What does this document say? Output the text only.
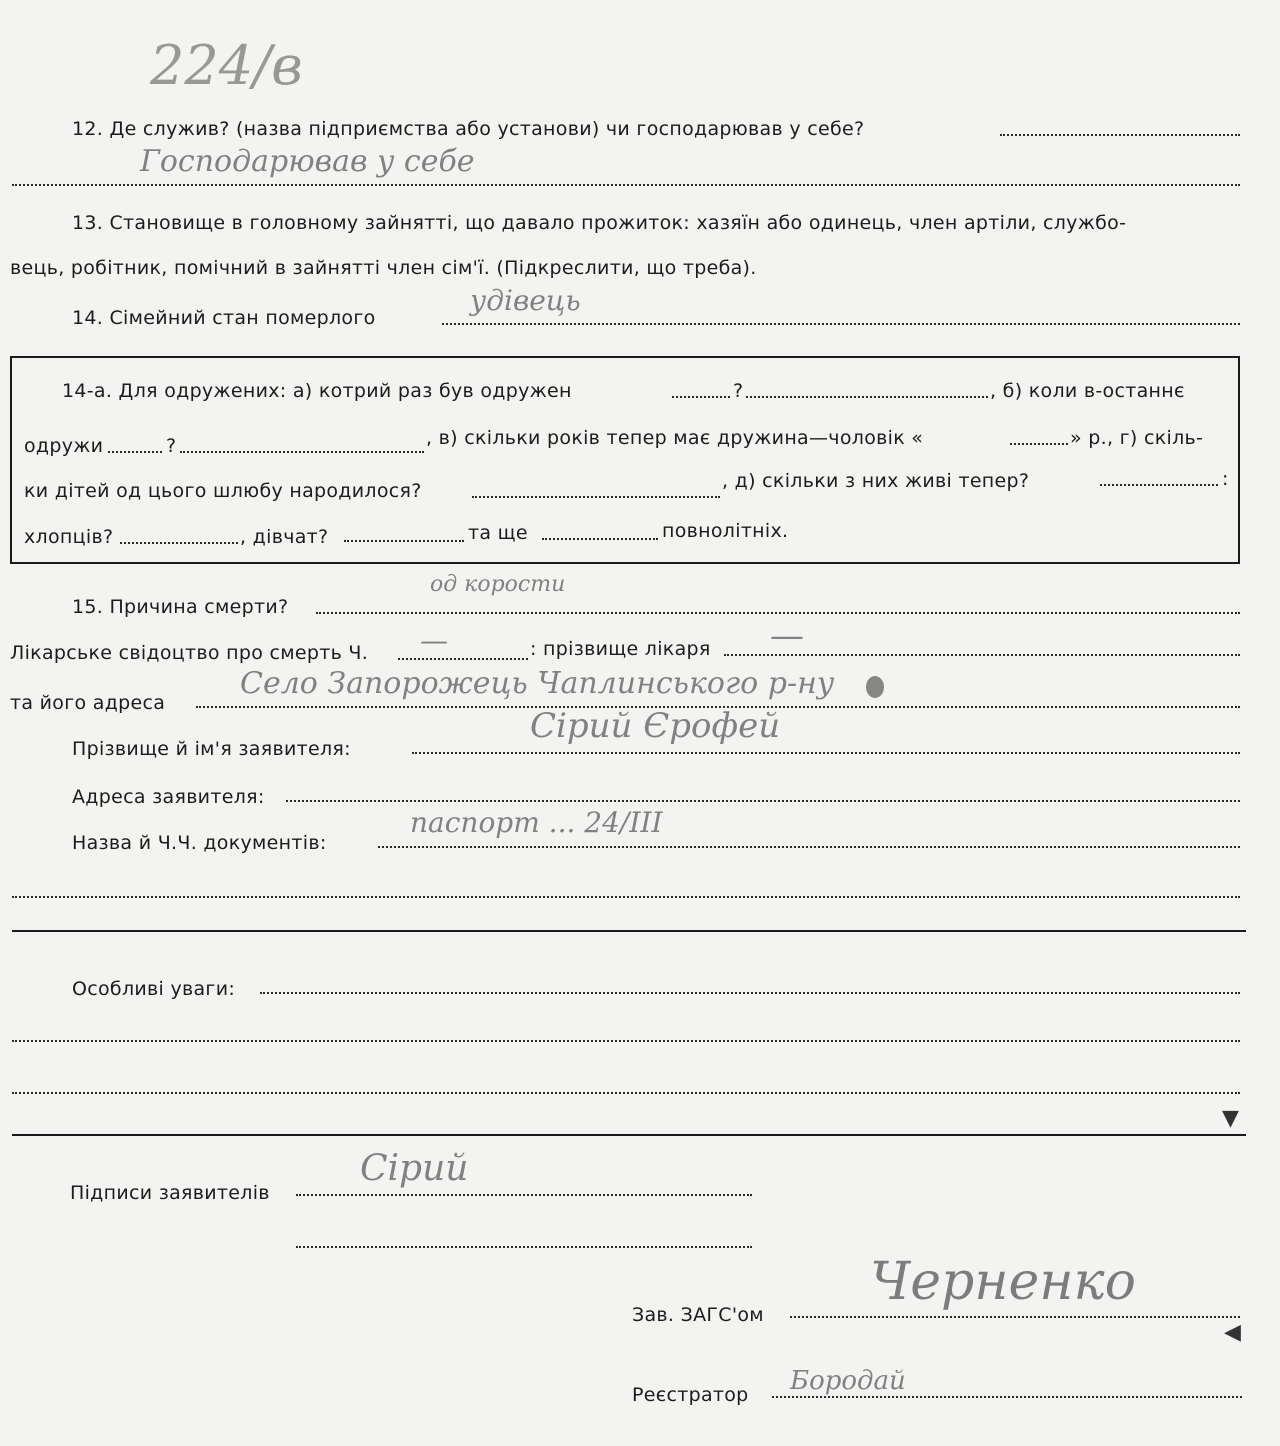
224/в
12. Де служив? (назва підприємства або установи) чи господарював у себе?
Господарював у себе
13. Становище в головному зайнятті, що давало прожиток: хазяїн або одинець, член артіли, службо-
вець, робітник, помічний в зайнятті член сім'ї. (Підкреслити, що треба).
14. Сімейний стан померлого
удівець
14-а. Для одружених: а) котрий раз був одружен	?	, б) коли в-останнє
одружи	?	, в) скільки років тепер має дружина—чоловік «	» р., г) скіль-
ки дітей од цього шлюбу народилося?	, д) скільки з них живі тепер?	:
хлопців?	, дівчат?	та ще	повнолітніх.
15. Причина смерти?
од корости
Лікарське свідоцтво про смерть Ч. —	: прізвище лікаря —
та його адреса
Село Запорожець Чаплинського р-ну
Прізвище й ім'я заявителя:
Сірий Єрофей
Адреса заявителя:
Назва й Ч.Ч. документів:
паспорт ... 24/III
Особливі уваги:
▼
Підписи заявителів
Сірий
Зав. ЗАГС'ом
Черненко
◀
Реєстратор Бородай
